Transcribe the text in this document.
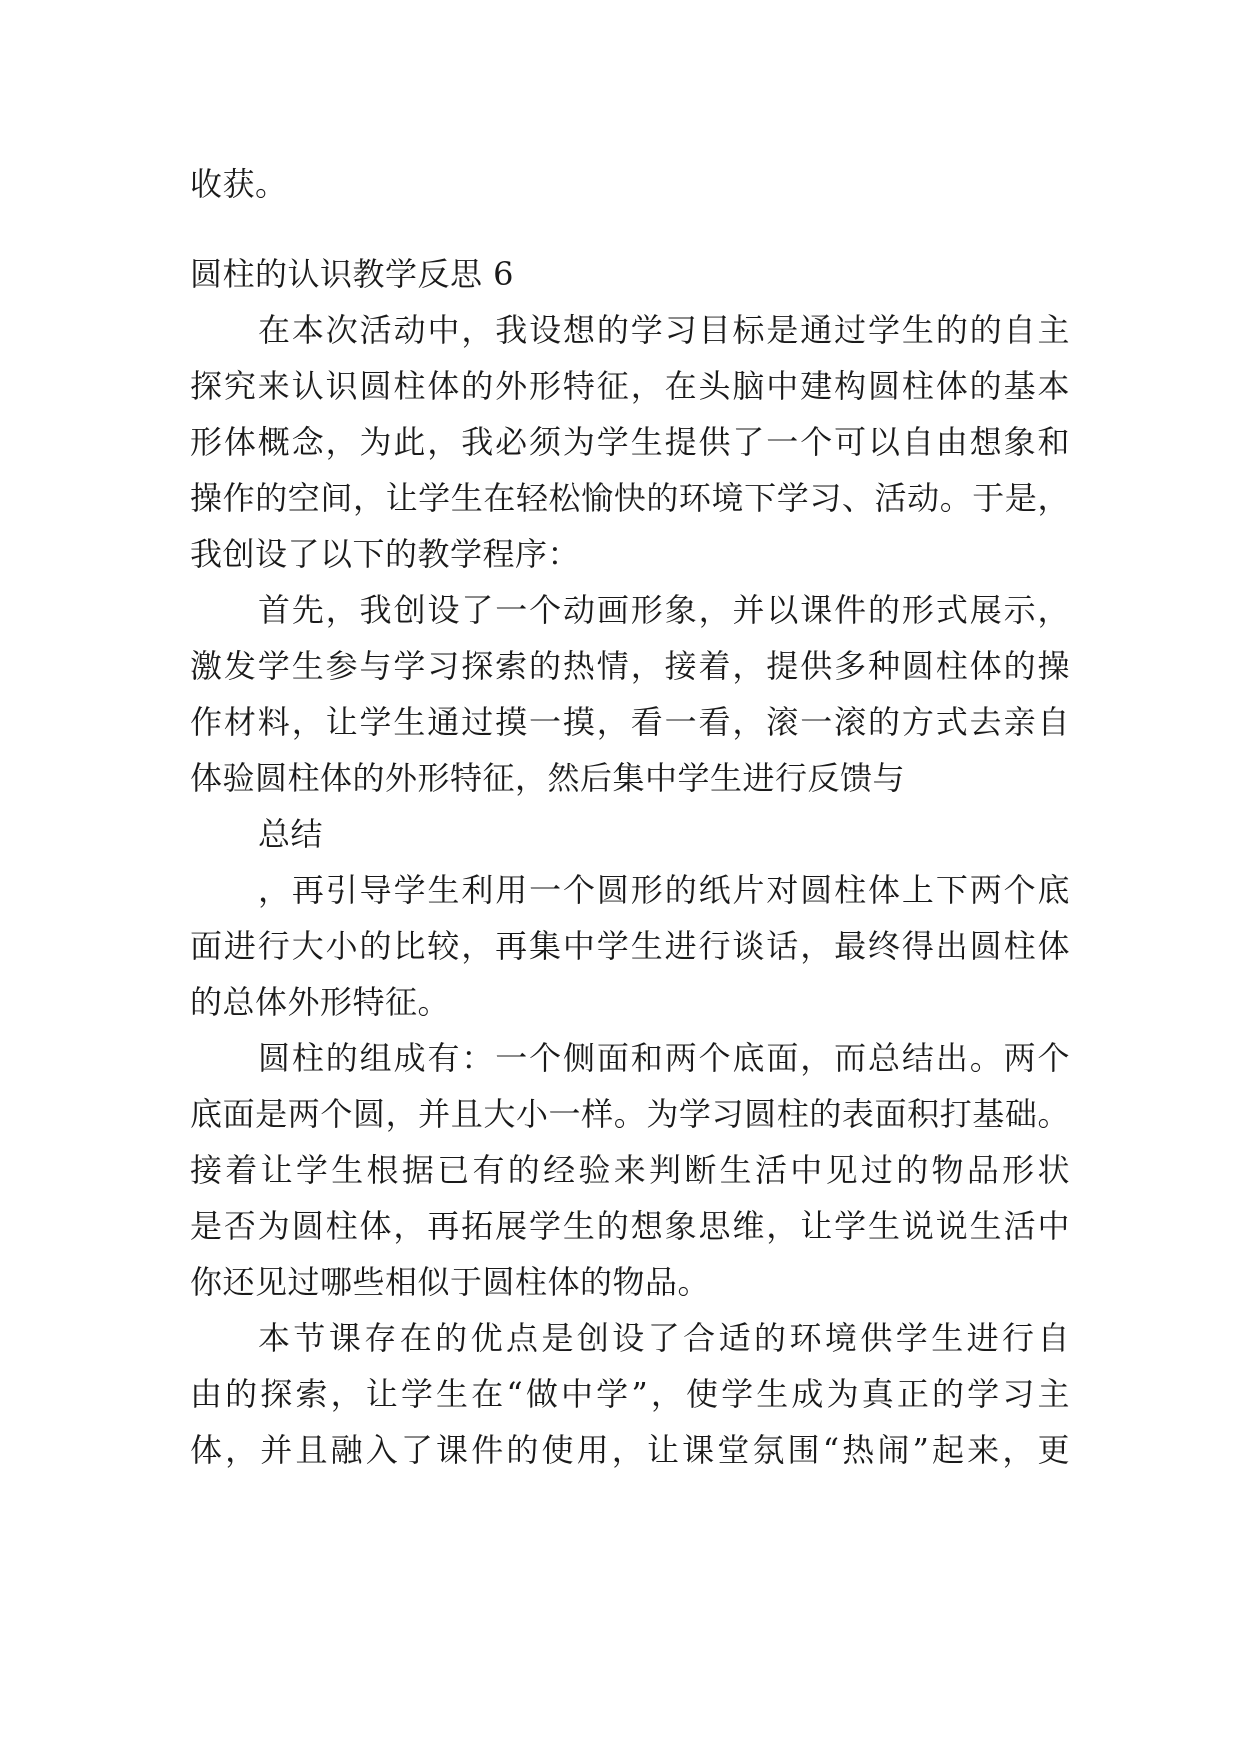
收获。
圆柱的认识教学反思 6
在本次活动中，我设想的学习目标是通过学生的的自主
探究来认识圆柱体的外形特征，在头脑中建构圆柱体的基本
形体概念，为此，我必须为学生提供了一个可以自由想象和
操作的空间，让学生在轻松愉快的环境下学习、活动。于是，
我创设了以下的教学程序：
首先，我创设了一个动画形象，并以课件的形式展示，
激发学生参与学习探索的热情，接着，提供多种圆柱体的操
作材料，让学生通过摸一摸，看一看，滚一滚的方式去亲自
体验圆柱体的外形特征，然后集中学生进行反馈与
总结
，再引导学生利用一个圆形的纸片对圆柱体上下两个底
面进行大小的比较，再集中学生进行谈话，最终得出圆柱体
的总体外形特征。
圆柱的组成有：一个侧面和两个底面，而总结出。两个
底面是两个圆，并且大小一样。为学习圆柱的表面积打基础。
接着让学生根据已有的经验来判断生活中见过的物品形状
是否为圆柱体，再拓展学生的想象思维，让学生说说生活中
你还见过哪些相似于圆柱体的物品。
本节课存在的优点是创设了合适的环境供学生进行自
由的探索，让学生在“做中学”，使学生成为真正的学习主
体，并且融入了课件的使用，让课堂氛围“热闹”起来，更
